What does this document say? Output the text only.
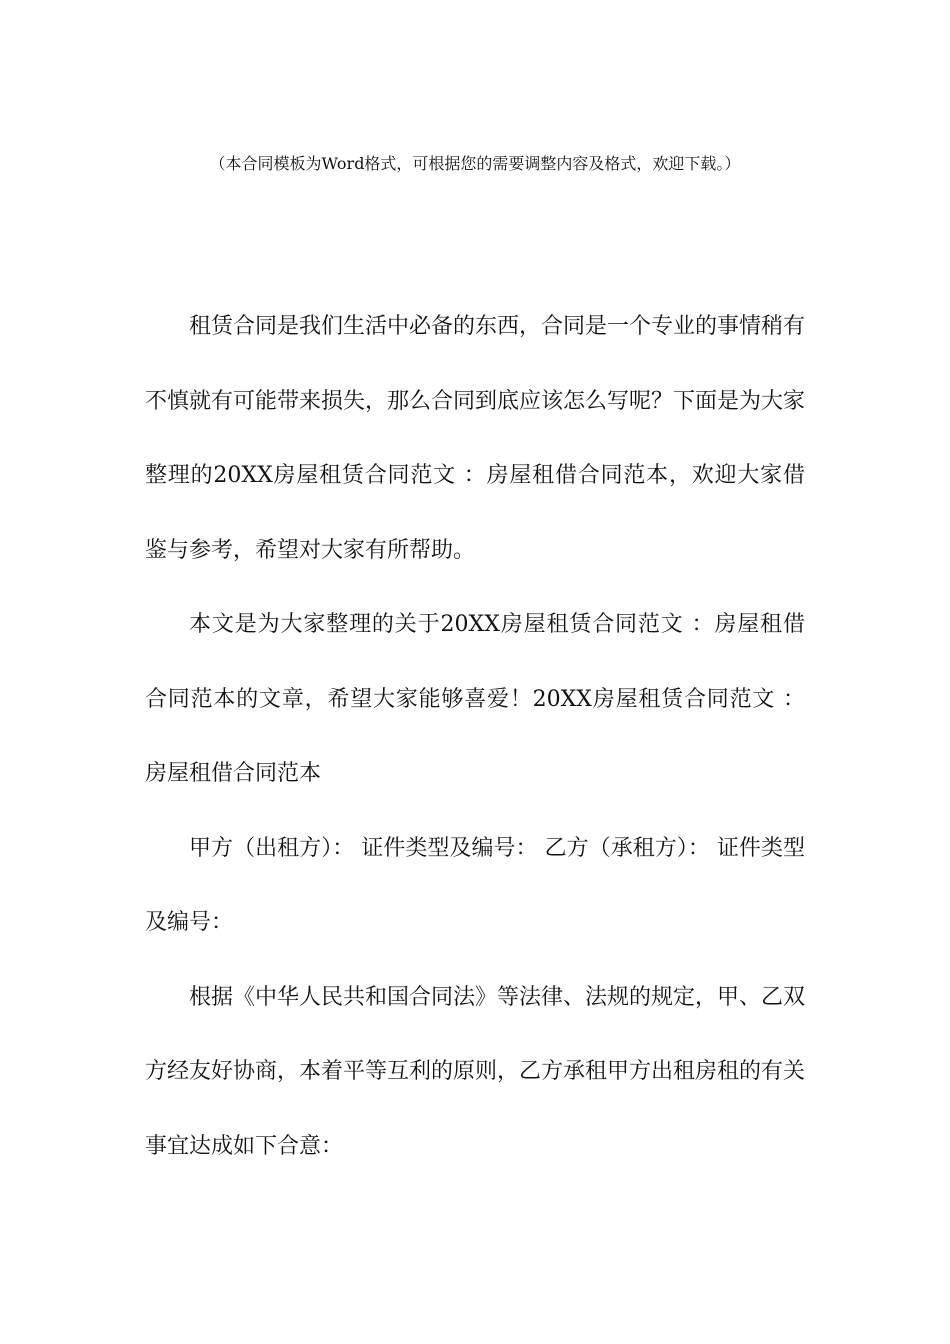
（本合同模板为Word格式，可根据您的需要调整内容及格式，欢迎下载。）

租赁合同是我们生活中必备的东西，合同是一个专业的事情稍有不慎就有可能带来损失，那么合同到底应该怎么写呢？下面是为大家整理的20XX房屋租赁合同范文 ：房屋租借合同范本，欢迎大家借鉴与参考，希望对大家有所帮助。

本文是为大家整理的关于20XX房屋租赁合同范文 ：房屋租借合同范本的文章，希望大家能够喜爱！20XX房屋租赁合同范文 ：房屋租借合同范本

甲方（出租方）： 证件类型及编号： 乙方（承租方）： 证件类型及编号：

根据《中华人民共和国合同法》等法律、法规的规定，甲、乙双方经友好协商，本着平等互利的原则，乙方承租甲方出租房租的有关事宜达成如下合意：
